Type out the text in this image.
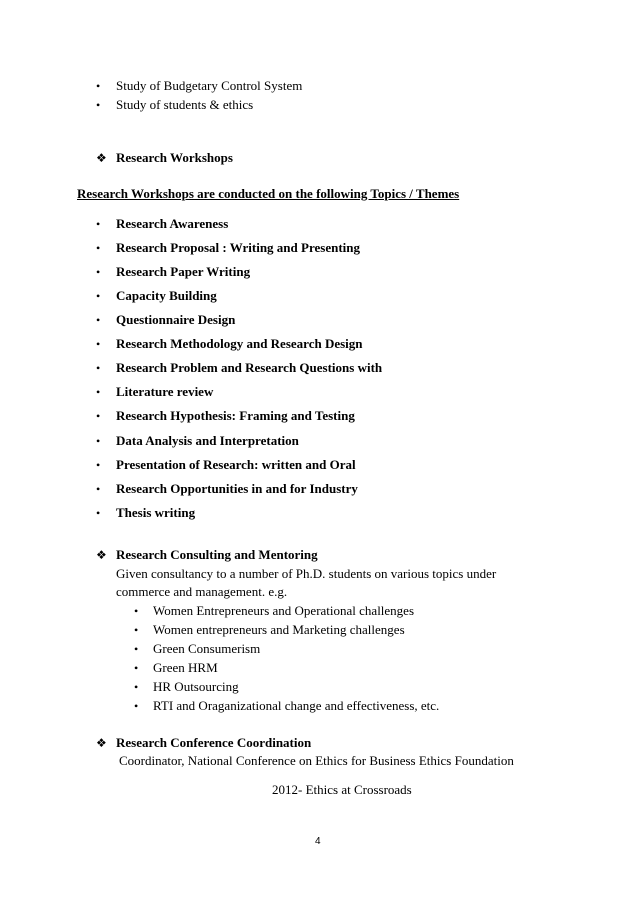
• Study of Budgetary Control System
• Study of students & ethics
❖ Research Workshops
Research Workshops are conducted on the following Topics / Themes
• Research Awareness
• Research Proposal : Writing and Presenting
• Research Paper Writing
• Capacity Building
• Questionnaire Design
• Research Methodology and Research Design
• Research Problem and Research Questions with
• Literature review
• Research Hypothesis: Framing and Testing
• Data Analysis and Interpretation
• Presentation of Research: written and Oral
• Research Opportunities in and for Industry
• Thesis writing
❖ Research Consulting and Mentoring
Given consultancy to a number of Ph.D. students on various topics under
commerce and management. e.g.
• Women Entrepreneurs and Operational challenges
• Women entrepreneurs and Marketing challenges
• Green Consumerism
• Green HRM
• HR Outsourcing
• RTI and Oraganizational change and effectiveness, etc.
❖ Research Conference Coordination
Coordinator, National Conference on Ethics for Business Ethics Foundation
2012- Ethics at Crossroads
4
